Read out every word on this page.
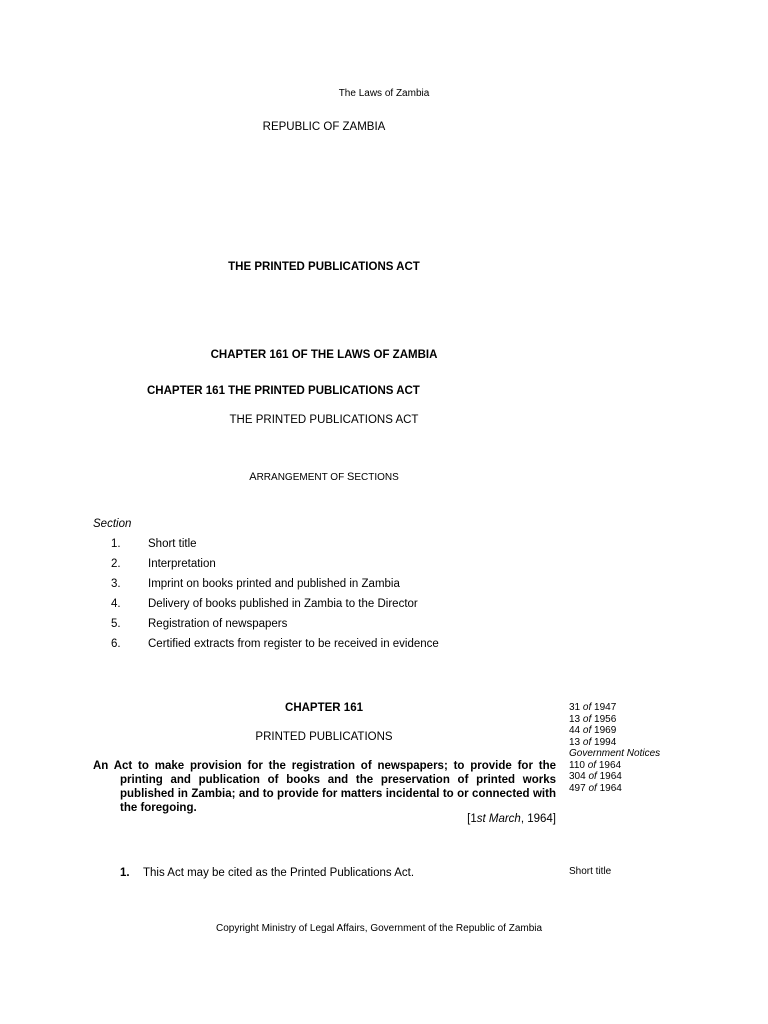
The Laws of Zambia
REPUBLIC OF ZAMBIA
THE PRINTED PUBLICATIONS ACT
CHAPTER 161 OF THE LAWS OF ZAMBIA
CHAPTER 161 THE PRINTED PUBLICATIONS ACT
THE PRINTED PUBLICATIONS ACT
ARRANGEMENT OF SECTIONS
Section
1. Short title
2. Interpretation
3. Imprint on books printed and published in Zambia
4. Delivery of books published in Zambia to the Director
5. Registration of newspapers
6. Certified extracts from register to be received in evidence
CHAPTER 161
PRINTED PUBLICATIONS
An Act to make provision for the registration of newspapers; to provide for the printing and publication of books and the preservation of printed works published in Zambia; and to provide for matters incidental to or connected with the foregoing.
[1st March, 1964]
31 of 1947
13 of 1956
44 of 1969
13 of 1994
Government Notices
110 of 1964
304 of 1964
497 of 1964
1. This Act may be cited as the Printed Publications Act.	Short title
Copyright Ministry of Legal Affairs, Government of the Republic of Zambia
